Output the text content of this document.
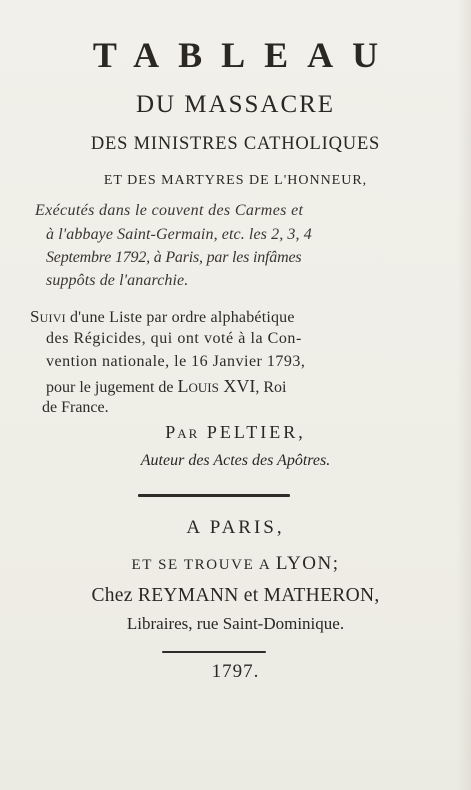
TABLEAU
DU MASSACRE
DES MINISTRES CATHOLIQUES
ET DES MARTYRES DE L'HONNEUR,
Exécutés dans le couvent des Carmes et
à l'abbaye Saint-Germain, etc. les 2, 3, 4
Septembre 1792, à Paris, par les infâmes
suppôts de l'anarchie.
Suivi d'une Liste par ordre alphabétique
des Régicides, qui ont voté à la Con-
vention nationale, le 16 Janvier 1793,
pour le jugement de Louis XVI, Roi
de France.
Par PELTIER,
Auteur des Actes des Apôtres.
A PARIS,
ET SE TROUVE A LYON;
Chez REYMANN et MATHERON,
Libraires, rue Saint-Dominique.
1797.
